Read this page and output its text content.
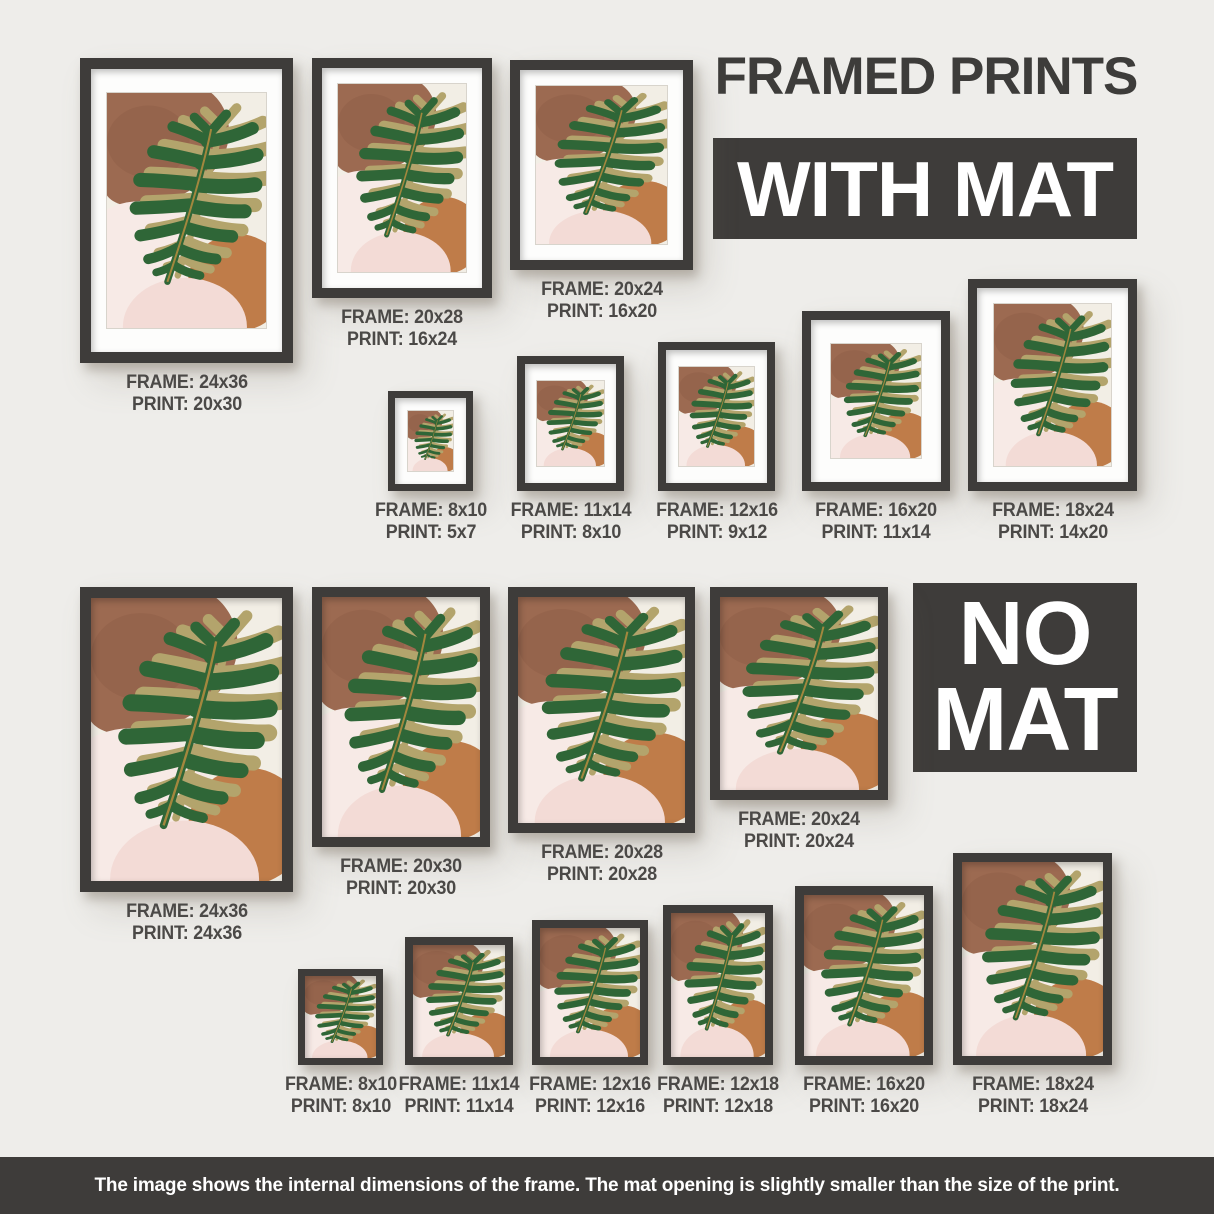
FRAMED PRINTS
WITH MAT
NO MAT
FRAME: 24x36
PRINT: 20x30
FRAME: 20x28
PRINT: 16x24
FRAME: 20x24
PRINT: 16x20
FRAME: 8x10
PRINT: 5x7
FRAME: 11x14
PRINT: 8x10
FRAME: 12x16
PRINT: 9x12
FRAME: 16x20
PRINT: 11x14
FRAME: 18x24
PRINT: 14x20
FRAME: 24x36
PRINT: 24x36
FRAME: 20x30
PRINT: 20x30
FRAME: 20x28
PRINT: 20x28
FRAME: 20x24
PRINT: 20x24
FRAME: 8x10
PRINT: 8x10
FRAME: 11x14
PRINT: 11x14
FRAME: 12x16
PRINT: 12x16
FRAME: 12x18
PRINT: 12x18
FRAME: 16x20
PRINT: 16x20
FRAME: 18x24
PRINT: 18x24
The image shows the internal dimensions of the frame. The mat opening is slightly smaller than the size of the print.
